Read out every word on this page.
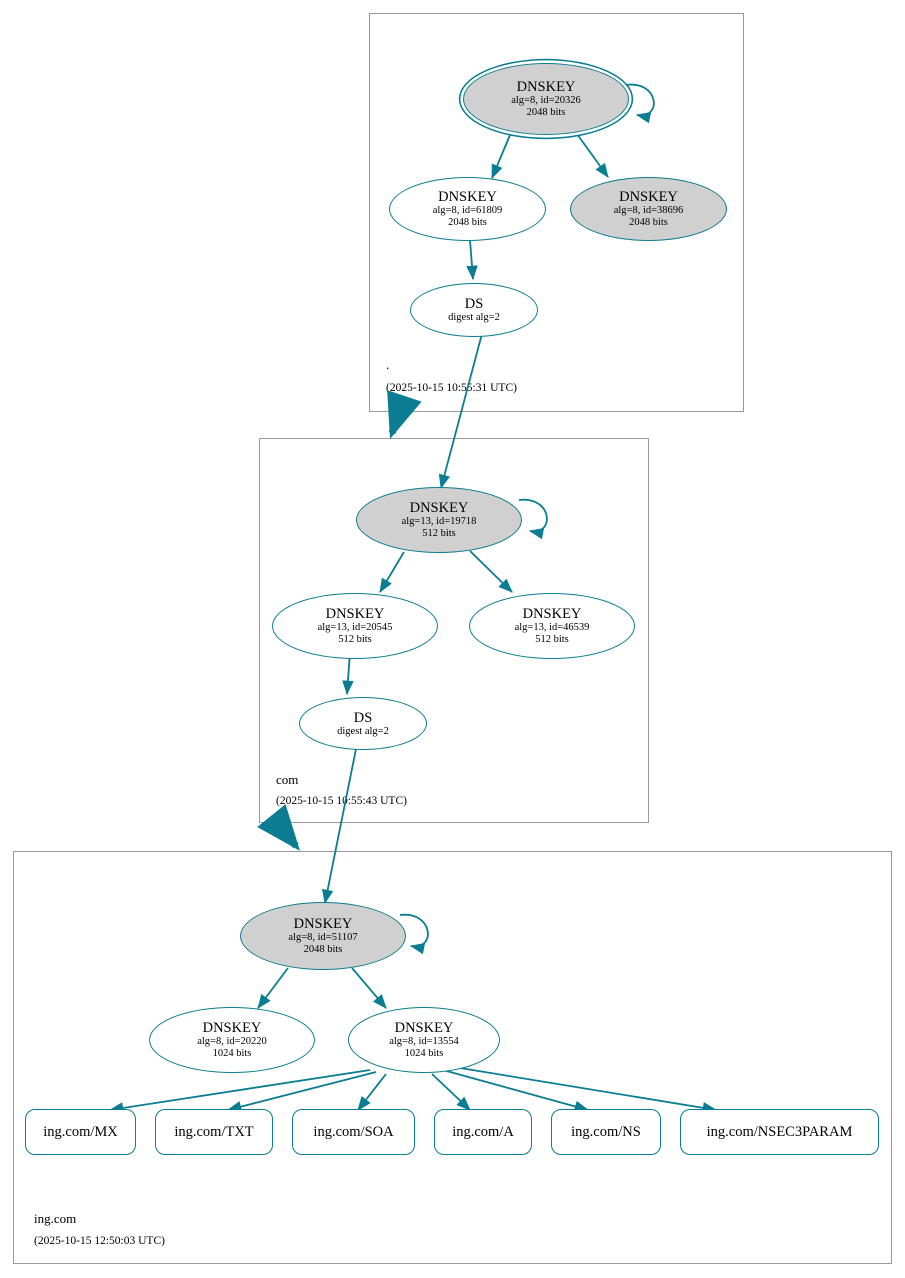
.
(2025-10-15 10:55:31 UTC)
com
(2025-10-15 10:55:43 UTC)
ing.com
(2025-10-15 12:50:03 UTC)
DNSKEY
alg=8, id=20326
2048 bits
DNSKEY
alg=8, id=61809
2048 bits
DNSKEY
alg=8, id=38696
2048 bits
DS
digest alg=2
DNSKEY
alg=13, id=19718
512 bits
DNSKEY
alg=13, id=20545
512 bits
DNSKEY
alg=13, id=46539
512 bits
DS
digest alg=2
DNSKEY
alg=8, id=51107
2048 bits
DNSKEY
alg=8, id=20220
1024 bits
DNSKEY
alg=8, id=13554
1024 bits
ing.com/MX	ing.com/TXT	ing.com/SOA	ing.com/A	ing.com/NS	ing.com/NSEC3PARAM
